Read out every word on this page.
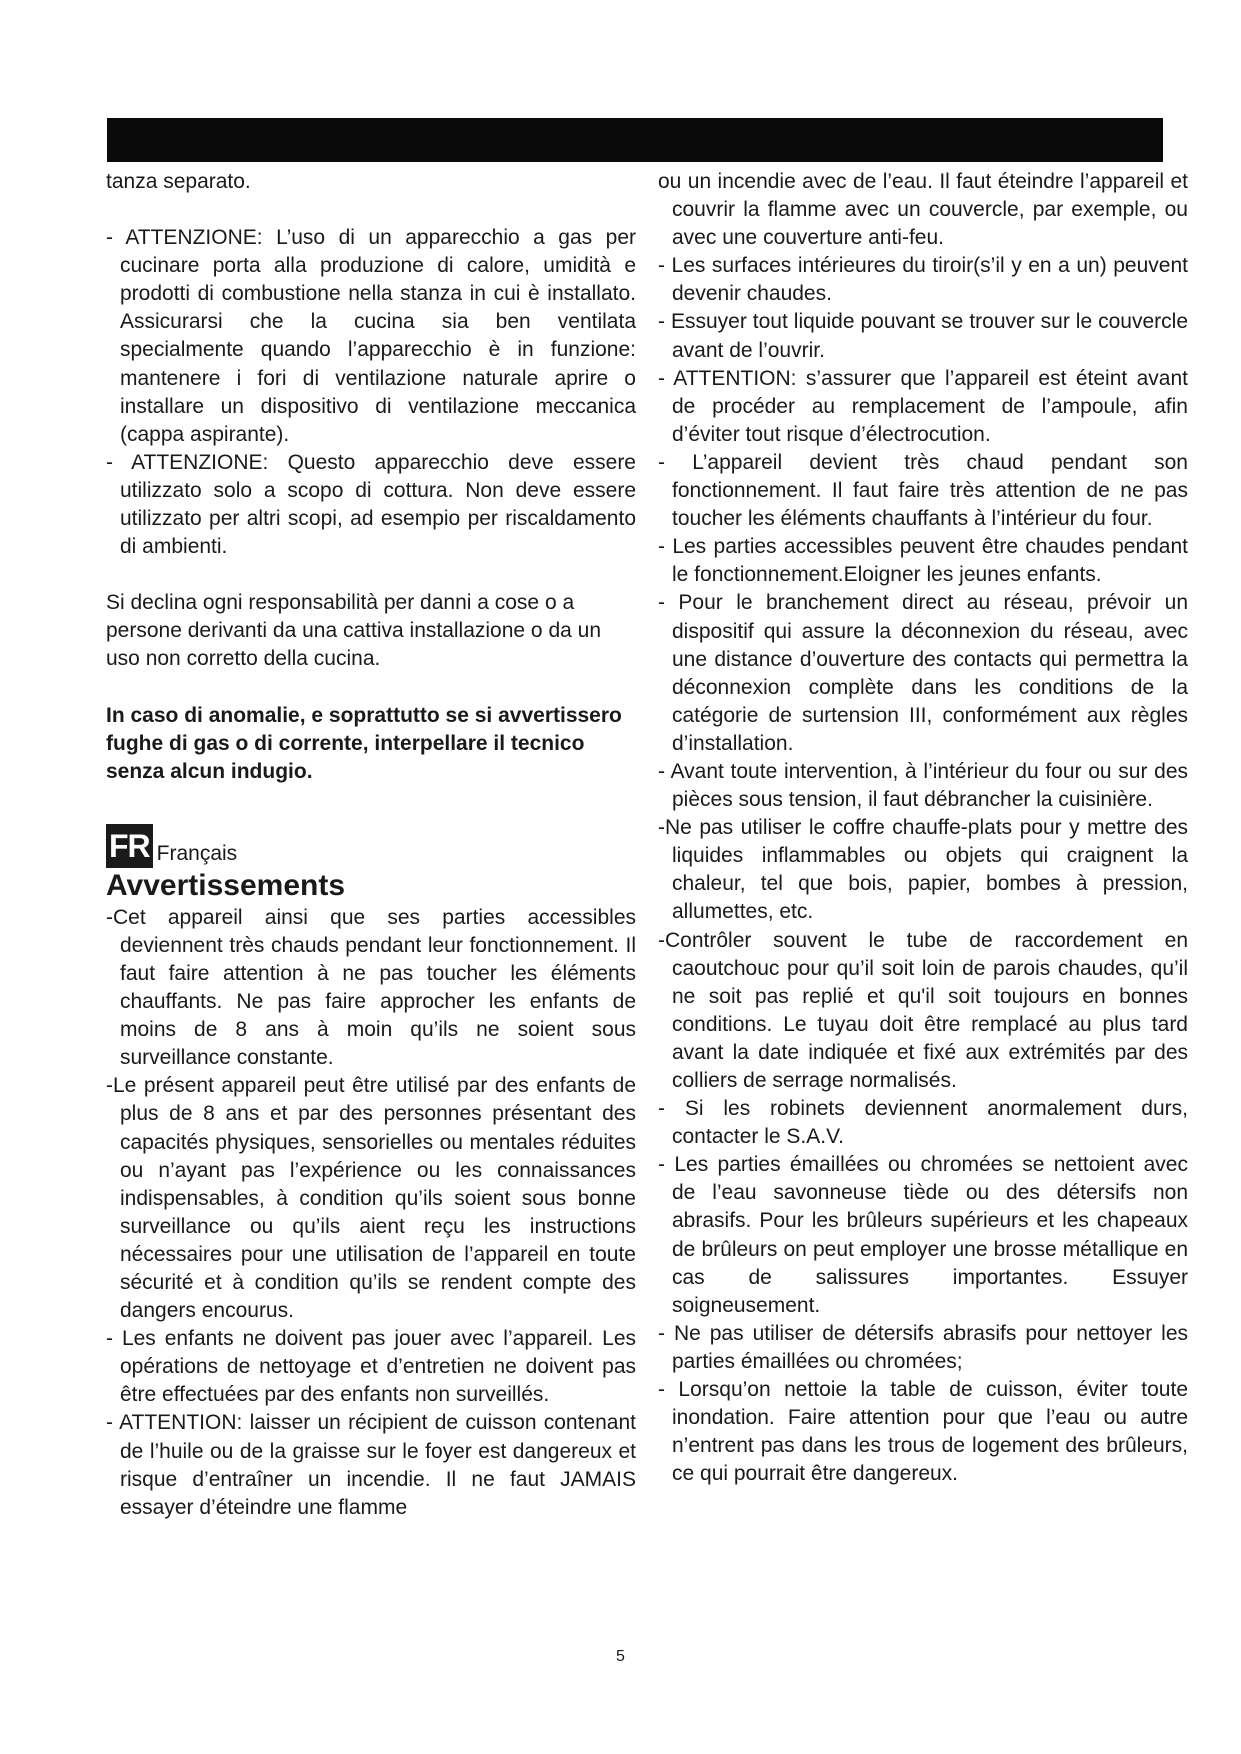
tanza separato.

- ATTENZIONE: L’uso di un apparecchio a gas per cucinare porta alla produzione di calore, umidità e prodotti di combustione nella stanza in cui è installato. Assicurarsi che la cucina sia ben ventilata specialmente quando l’apparecchio è in funzione: mantenere i fori di ventilazione naturale aprire o installare un dispositivo di ventilazione meccanica (cappa aspirante).

- ATTENZIONE: Questo apparecchio deve essere utilizzato solo a scopo di cottura. Non deve essere utilizzato per altri scopi, ad esempio per riscaldamento di ambienti.

Si declina ogni responsabilità per danni a cose o a persone derivanti da una cattiva installazione o da un uso non corretto della cucina.

In caso di anomalie, e soprattutto se si avvertissero fughe di gas o di corrente, interpellare il tecnico senza alcun indugio.

FR Français

Avvertissements

-Cet appareil ainsi que ses parties accessibles deviennent très chauds pendant leur fonctionnement. Il faut faire attention à ne pas toucher les éléments chauffants. Ne pas faire approcher les enfants de moins de 8 ans à moin qu’ils ne soient sous surveillance constante.

-Le présent appareil peut être utilisé par des enfants de plus de 8 ans et par des personnes présentant des capacités physiques, sensorielles ou mentales réduites ou n’ayant pas l’expérience ou les connaissances indispensables, à condition qu’ils soient sous bonne surveillance ou qu’ils aient reçu les instructions nécessaires pour une utilisation de l’appareil en toute sécurité et à condition qu’ils se rendent compte des dangers encourus.

- Les enfants ne doivent pas jouer avec l’appareil. Les opérations de nettoyage et d’entretien ne doivent pas être effectuées par des enfants non surveillés.

- ATTENTION: laisser un récipient de cuisson contenant de l’huile ou de la graisse sur le foyer est dangereux et risque d’entraîner un incendie. Il ne faut JAMAIS essayer d’éteindre une flamme

ou un incendie avec de l’eau. Il faut éteindre l’appareil et couvrir la flamme avec un couvercle, par exemple, ou avec une couverture anti-feu.

- Les surfaces intérieures du tiroir(s’il y en a un) peuvent devenir chaudes.

- Essuyer tout liquide pouvant se trouver sur le couvercle avant de l’ouvrir.

- ATTENTION: s’assurer que l’appareil est éteint avant de procéder au remplacement de l’ampoule, afin d’éviter tout risque d’électrocution.

- L’appareil devient très chaud pendant son fonctionnement. Il faut faire très attention de ne pas toucher les éléments chauffants à l’intérieur du four.

- Les parties accessibles peuvent être chaudes pendant le fonctionnement.Eloigner les jeunes enfants.

- Pour le branchement direct au réseau, prévoir un dispositif qui assure la déconnexion du réseau, avec une distance d’ouverture des contacts qui permettra la déconnexion complète dans les conditions de la catégorie de surtension III, conformément aux règles d’installation.

- Avant toute intervention, à l’intérieur du four ou sur des pièces sous tension, il faut débrancher la cuisinière.

-Ne pas utiliser le coffre chauffe-plats pour y mettre des liquides inflammables ou objets qui craignent la chaleur, tel que bois, papier, bombes à pression, allumettes, etc.

-Contrôler souvent le tube de raccordement en caoutchouc pour qu’il soit loin de parois chaudes, qu’il ne soit pas replié et qu'il soit toujours en bonnes conditions. Le tuyau doit être remplacé au plus tard avant la date indiquée et fixé aux extrémités par des colliers de serrage normalisés.

- Si les robinets deviennent anormalement durs, contacter le S.A.V.

- Les parties émaillées ou chromées se nettoient avec de l’eau savonneuse tiède ou des détersifs non abrasifs. Pour les brûleurs supérieurs et les chapeaux de brûleurs on peut employer une brosse métallique en cas de salissures importantes. Essuyer soigneusement.

- Ne pas utiliser de détersifs abrasifs pour nettoyer les parties émaillées ou chromées;

- Lorsqu’on nettoie la table de cuisson, éviter toute inondation. Faire attention pour que l’eau ou autre n’entrent pas dans les trous de logement des brûleurs, ce qui pourrait être dangereux.

5
